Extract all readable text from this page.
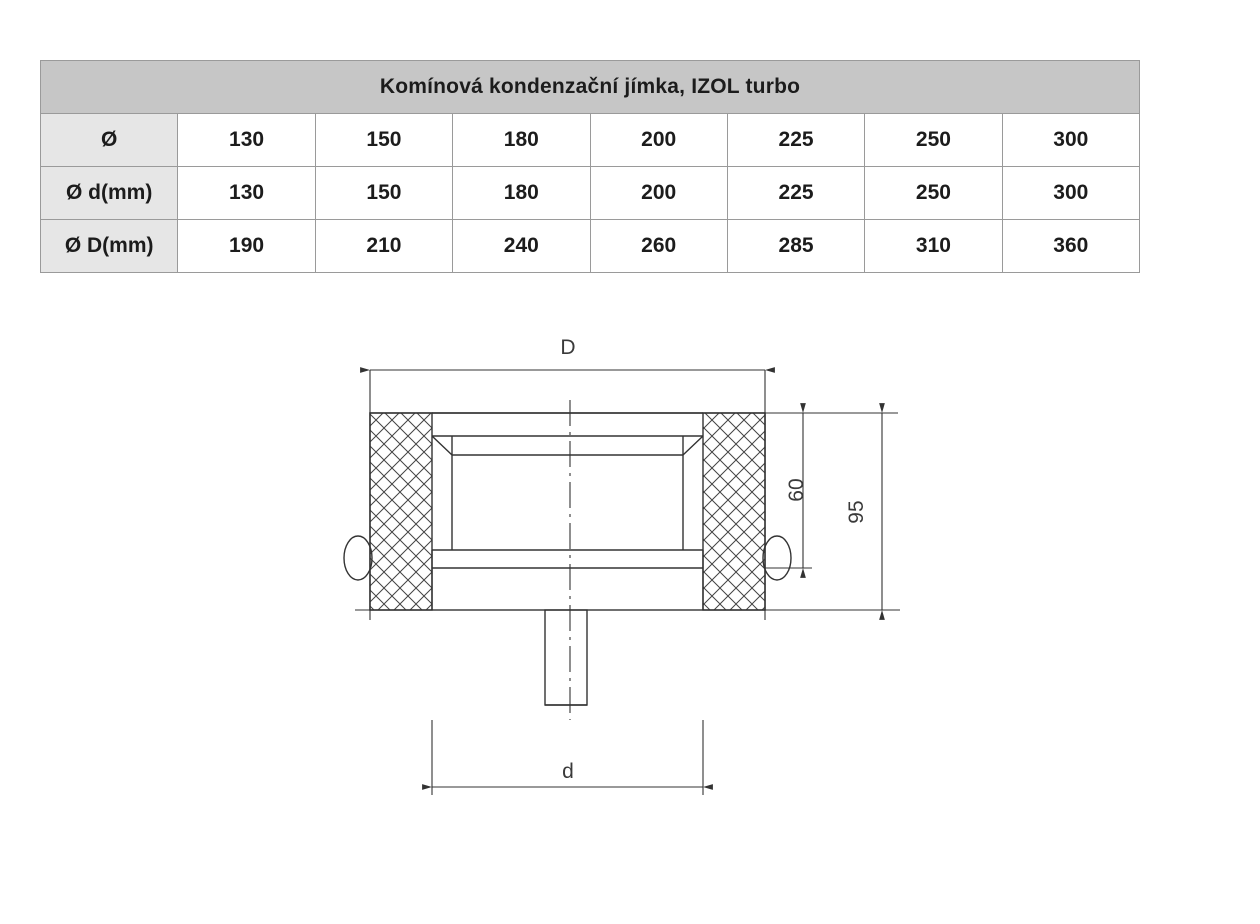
Komínová kondenzační jímka, IZOL turbo							
Ø	130	150	180	200	225	250	300
Ø d(mm)	130	150	180	200	225	250	300
Ø D(mm)	190	210	240	260	285	310	360
D
d
60
95
